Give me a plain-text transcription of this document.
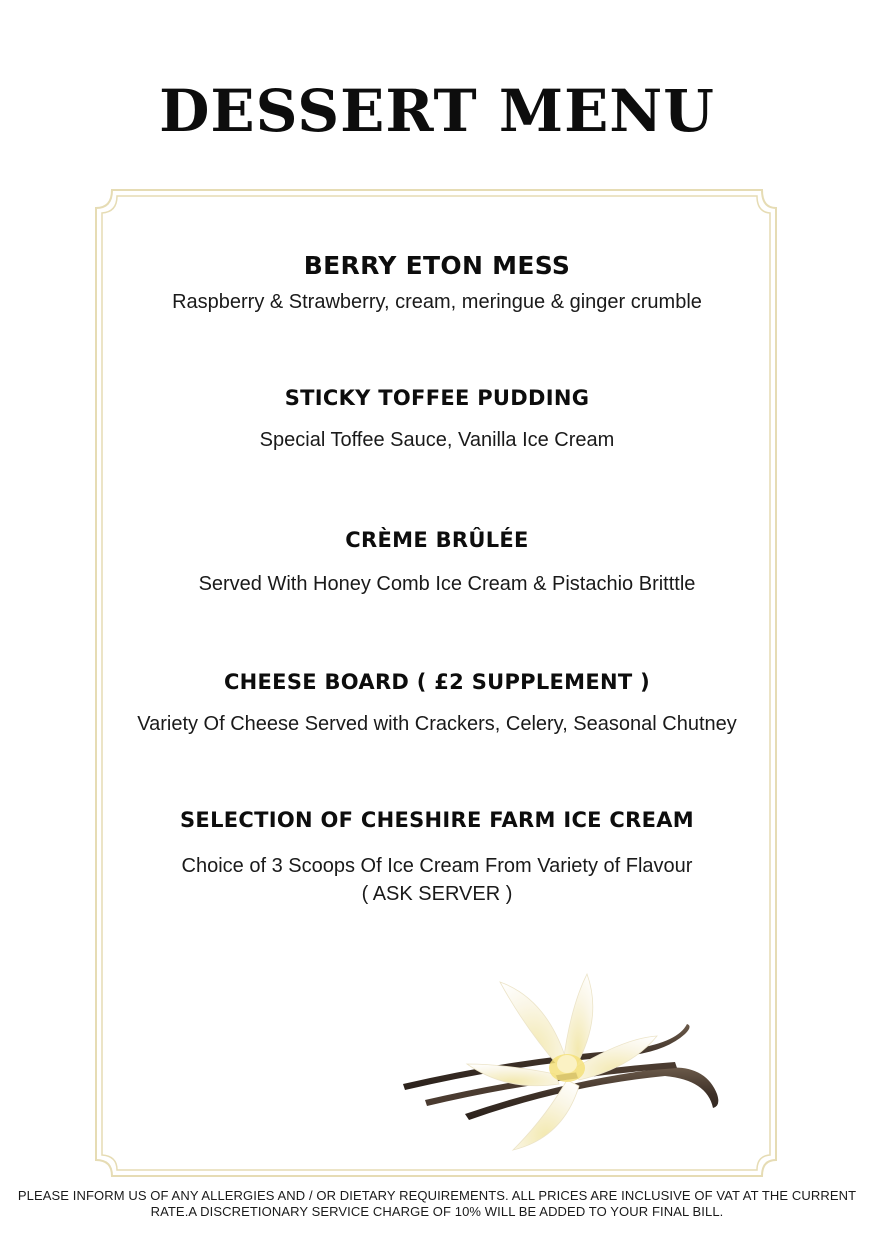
DESSERT MENU

BERRY ETON MESS

Raspberry & Strawberry, cream, meringue & ginger crumble

STICKY TOFFEE PUDDING

Special Toffee Sauce, Vanilla Ice Cream

CRÈME BRÛLÉE

Served With Honey Comb Ice Cream & Pistachio Britttle

CHEESE BOARD ( £2 SUPPLEMENT )

Variety Of Cheese Served with Crackers, Celery, Seasonal Chutney

SELECTION OF CHESHIRE FARM ICE CREAM

Choice of 3 Scoops Of Ice Cream From Variety of Flavour

( ASK SERVER )

PLEASE INFORM US OF ANY ALLERGIES AND / OR DIETARY REQUIREMENTS. ALL PRICES ARE INCLUSIVE OF VAT AT THE CURRENT
RATE.A DISCRETIONARY SERVICE CHARGE OF 10% WILL BE ADDED TO YOUR FINAL BILL.
